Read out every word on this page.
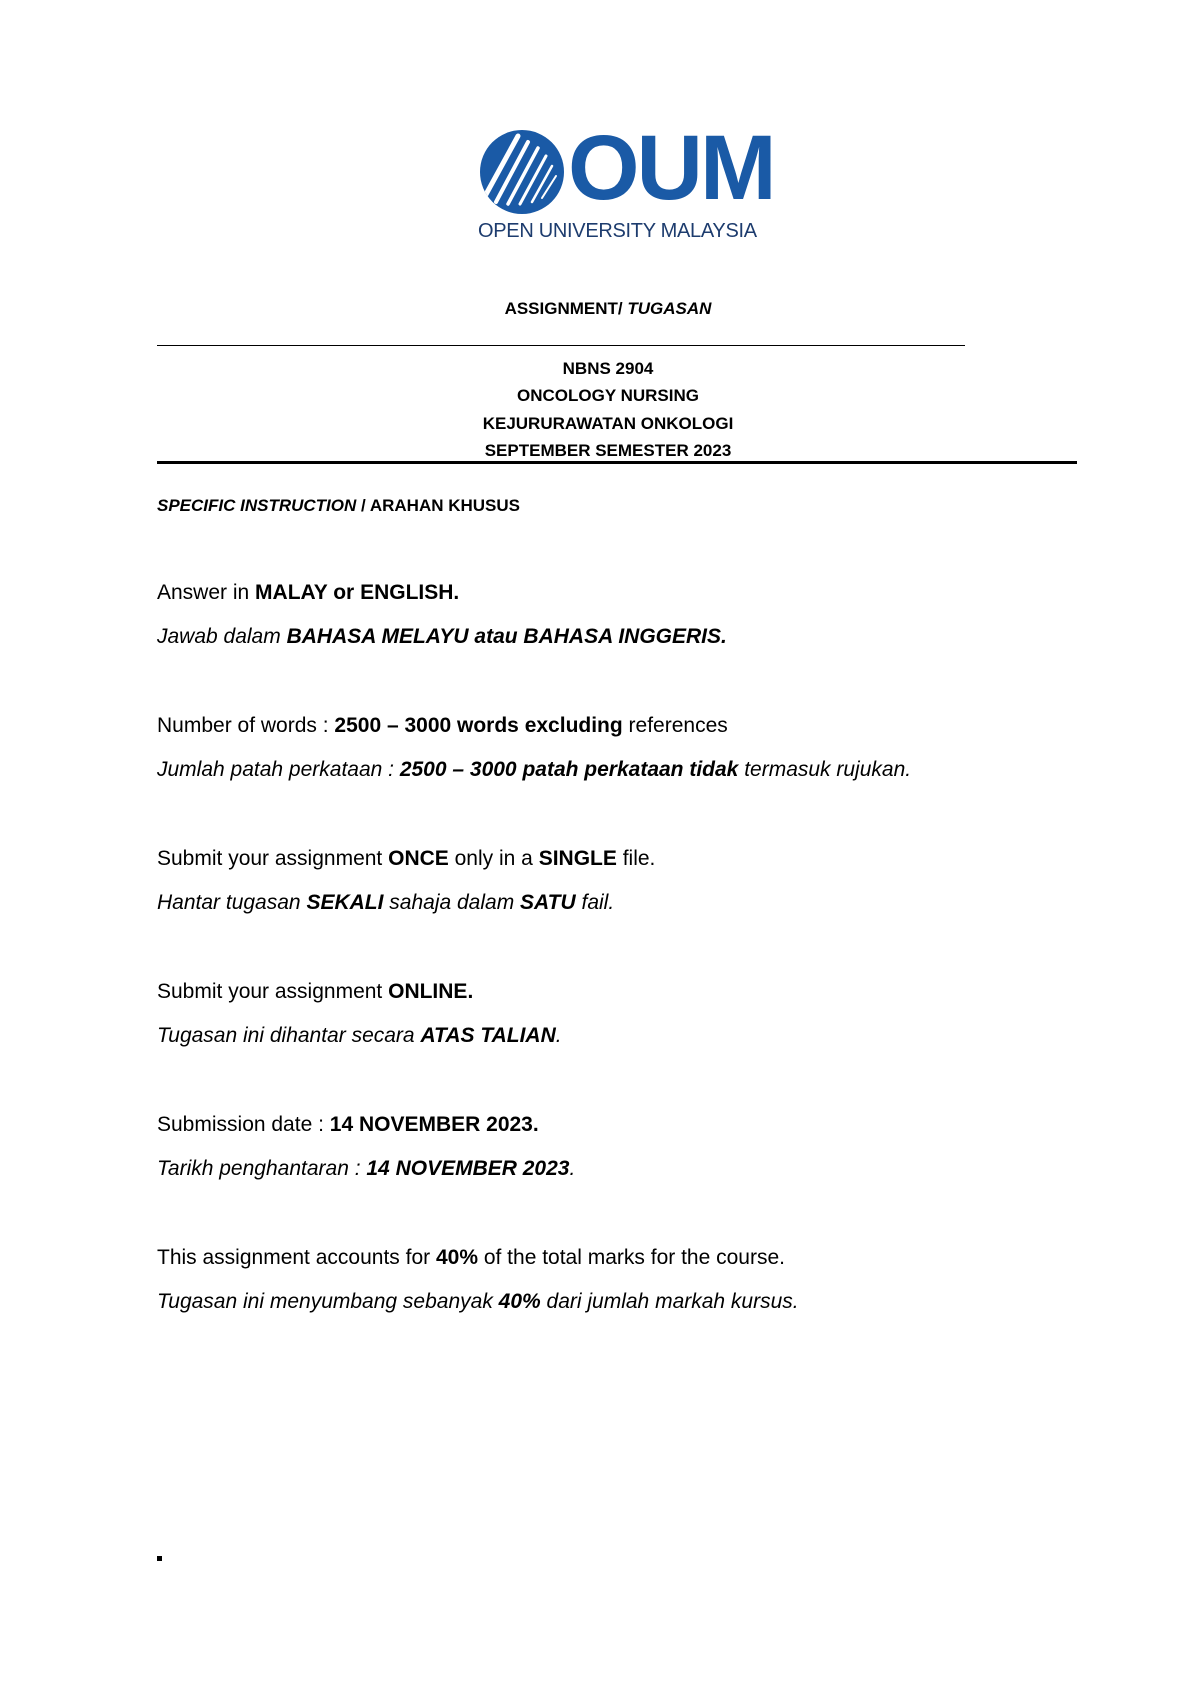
OUM
OPEN UNIVERSITY MALAYSIA
ASSIGNMENT/ TUGASAN
NBNS 2904
ONCOLOGY NURSING
KEJURURAWATAN ONKOLOGI
SEPTEMBER SEMESTER 2023
SPECIFIC INSTRUCTION / ARAHAN KHUSUS
Answer in MALAY or ENGLISH.
Jawab dalam BAHASA MELAYU atau BAHASA INGGERIS.
Number of words : 2500 – 3000 words excluding references
Jumlah patah perkataan : 2500 – 3000 patah perkataan tidak termasuk rujukan.
Submit your assignment ONCE only in a SINGLE file.
Hantar tugasan SEKALI sahaja dalam SATU fail.
Submit your assignment ONLINE.
Tugasan ini dihantar secara ATAS TALIAN.
Submission date : 14 NOVEMBER 2023.
Tarikh penghantaran : 14 NOVEMBER 2023.
This assignment accounts for 40% of the total marks for the course.
Tugasan ini menyumbang sebanyak 40% dari jumlah markah kursus.
